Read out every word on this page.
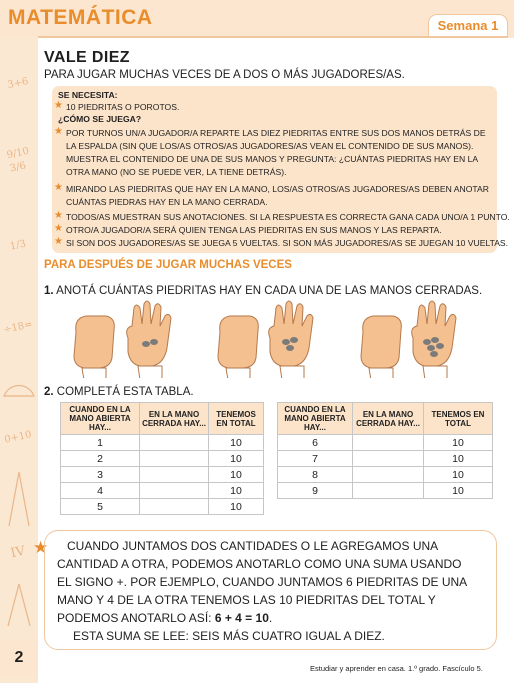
3+6
9/10
3/6
1/3
÷18=
0+10
IV
MATEMÁTICA	Semana 1
VALE DIEZ
PARA JUGAR MUCHAS VECES DE A DOS O MÁS JUGADORES/AS.
SE NECESITA:
★ 10 PIEDRITAS O POROTOS.
¿CÓMO SE JUEGA?
★ POR TURNOS UN/A JUGADOR/A REPARTE LAS DIEZ PIEDRITAS ENTRE SUS DOS MANOS DETRÁS DE
LA ESPALDA (SIN QUE LOS/AS OTROS/AS JUGADORES/AS VEAN EL CONTENIDO DE SUS MANOS).
MUESTRA EL CONTENIDO DE UNA DE SUS MANOS Y PREGUNTA: ¿CUÁNTAS PIEDRITAS HAY EN LA
OTRA MANO (NO SE PUEDE VER, LA TIENE DETRÁS).
★ MIRANDO LAS PIEDRITAS QUE HAY EN LA MANO, LOS/AS OTROS/AS JUGADORES/AS DEBEN ANOTAR
CUÁNTAS PIEDRAS HAY EN LA MANO CERRADA.
★ TODOS/AS MUESTRAN SUS ANOTACIONES. SI LA RESPUESTA ES CORRECTA GANA CADA UNO/A 1 PUNTO.
★ OTRO/A JUGADOR/A SERÁ QUIEN TENGA LAS PIEDRITAS EN SUS MANOS Y LAS REPARTA.
★ SI SON DOS JUGADORES/AS SE JUEGA 5 VUELTAS. SI SON MÁS JUGADORES/AS SE JUEGAN 10 VUELTAS.
PARA DESPUÉS DE JUGAR MUCHAS VECES
1. ANOTÁ CUÁNTAS PIEDRITAS HAY EN CADA UNA DE LAS MANOS CERRADAS.
2. COMPLETÁ ESTA TABLA.
CUANDO EN LA MANO ABIERTA HAY...	EN LA MANO CERRADA HAY...	TENEMOS EN TOTAL
1		10
2		10
3		10
4		10
5		10
CUANDO EN LA MANO ABIERTA HAY...	EN LA MANO CERRADA HAY...	TENEMOS EN TOTAL
6		10
7		10
8		10
9		10
★ CUANDO JUNTAMOS DOS CANTIDADES O LE AGREGAMOS UNA
CANTIDAD A OTRA, PODEMOS ANOTARLO COMO UNA SUMA USANDO
EL SIGNO +. POR EJEMPLO, CUANDO JUNTAMOS 6 PIEDRITAS DE UNA
MANO Y 4 DE LA OTRA TENEMOS LAS 10 PIEDRITAS DEL TOTAL Y
PODEMOS ANOTARLO ASÍ: 6 + 4 = 10.
ESTA SUMA SE LEE: SEIS MÁS CUATRO IGUAL A DIEZ.
2
Estudiar y aprender en casa. 1.º grado. Fascículo 5.
